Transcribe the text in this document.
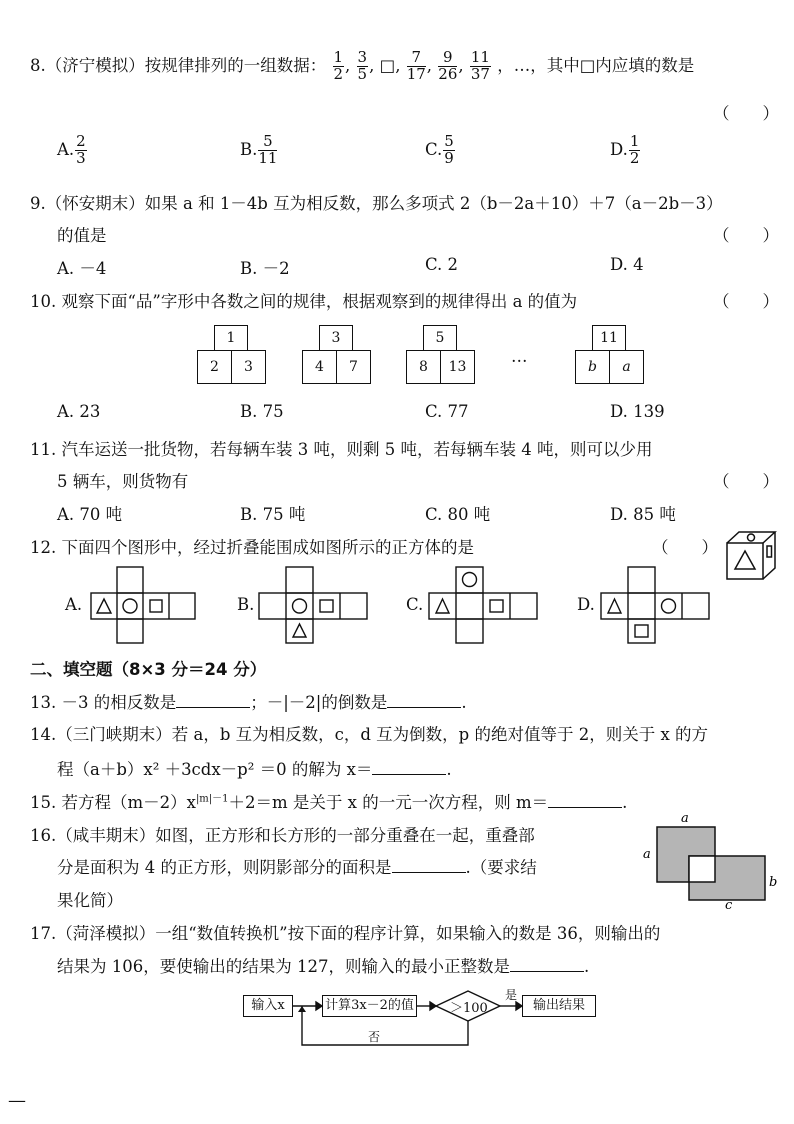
8.（济宁模拟）按规律排列的一组数据： $\frac{1}{2}$ , $\frac{3}{5}$ , □, $\frac{7}{17}$ , $\frac{9}{26}$ , $\frac{11}{37}$ ，…，其中□内应填的数是
（　　）
A. $\frac{2}{3}$	B. $\frac{5}{11}$	C. $\frac{5}{9}$	D. $\frac{1}{2}$
9.（怀安期末）如果 a 和 1－4b 互为相反数，那么多项式 2（b－2a＋10）＋7（a－2b－3）
的值是	（　　）
A. －4	B. －2	C. 2	D. 4
10. 观察下面“品”字形中各数之间的规律，根据观察到的规律得出 a 的值为	（　　）
1
2	3
3
4	7
5
8	13
…
11
b	a
A. 23	B. 75	C. 77	D. 139
11. 汽车运送一批货物，若每辆车装 3 吨，则剩 5 吨，若每辆车装 4 吨，则可以少用
5 辆车，则货物有	（　　）
A. 70 吨	B. 75 吨	C. 80 吨	D. 85 吨
12. 下面四个图形中，经过折叠能围成如图所示的正方体的是	（　　）
A.	B.	C.	D.
二、填空题（8×3 分＝24 分）
13. －3 的相反数是	；－|－2|的倒数是	.
14.（三门峡期末）若 a，b 互为相反数，c，d 互为倒数，p 的绝对值等于 2，则关于 x 的方
程（a＋b）x² ＋3cdx－p² ＝0 的解为 x＝	.
15. 若方程$(m-2)x^{|m|-1}+2=m$ 是关于 x 的一元一次方程，则 m＝	.
16.（咸丰期末）如图，正方形和长方形的一部分重叠在一起，重叠部
分是面积为 4 的正方形，则阴影部分的面积是	.（要求结
果化简）
a
a
b
c
17.（菏泽模拟）一组“数值转换机”按下面的程序计算，如果输入的数是 36，则输出的
结果为 106，要使输出的结果为 127，则输入的最小正整数是	.
输入x	计算3x－2的值	＞100
是
输出结果
否
—
